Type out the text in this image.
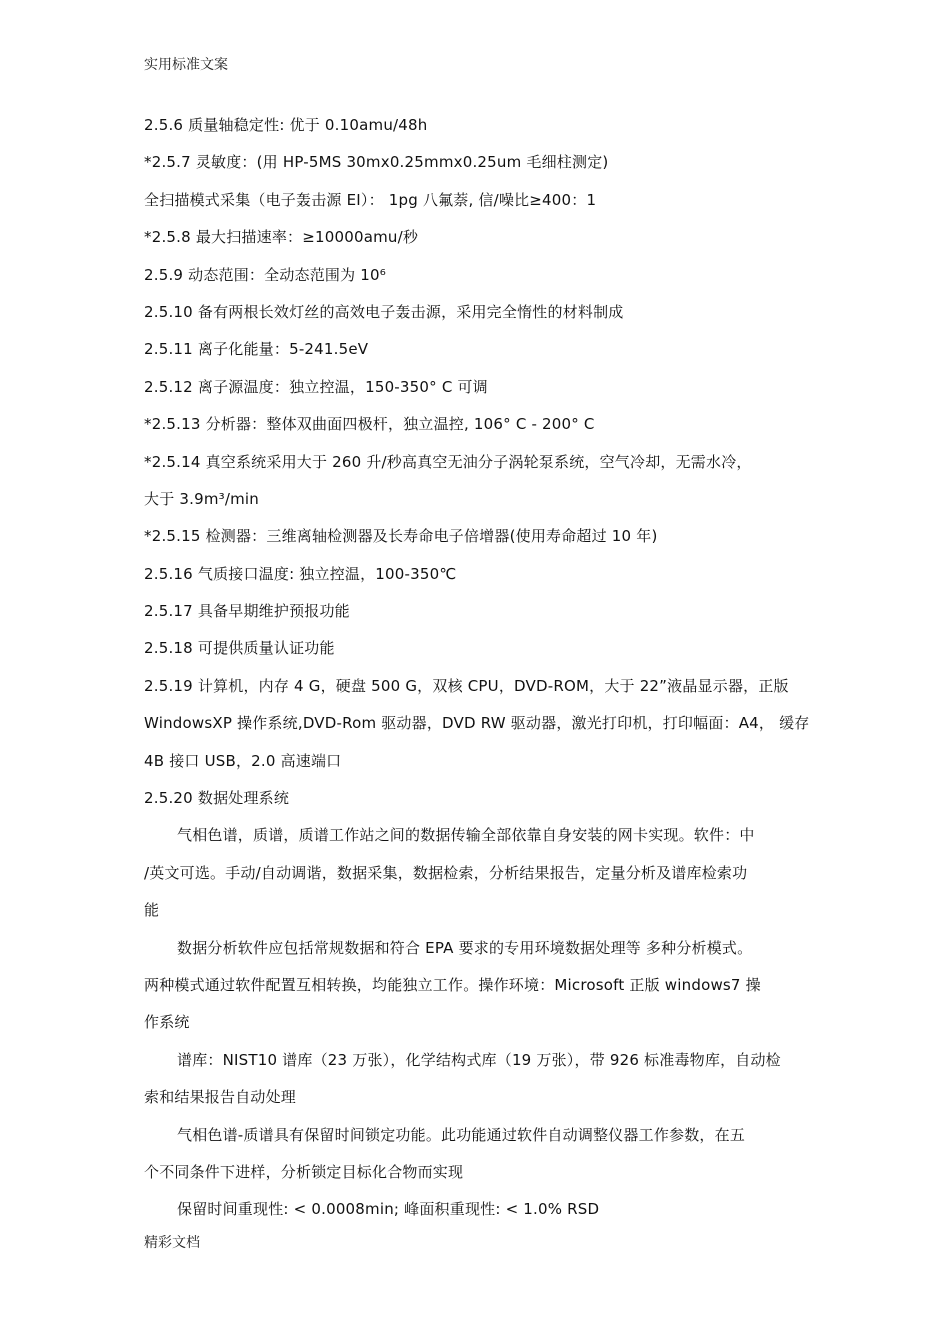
实用标准文案
2.5.6 质量轴稳定性: 优于 0.10amu/48h
*2.5.7 灵敏度：(用 HP-5MS 30mx0.25mmx0.25um 毛细柱测定)
全扫描模式采集（电子轰击源 EI）： 1pg 八氟萘, 信/噪比≥400：1
*2.5.8 最大扫描速率：≥10000amu/秒
2.5.9 动态范围：全动态范围为 10⁶
2.5.10 备有两根长效灯丝的高效电子轰击源，采用完全惰性的材料制成
2.5.11 离子化能量：5-241.5eV
2.5.12 离子源温度：独立控温，150-350° C 可调
*2.5.13 分析器：整体双曲面四极杆，独立温控, 106° C - 200° C
*2.5.14 真空系统采用大于 260 升/秒高真空无油分子涡轮泵系统，空气冷却，无需水冷，
大于 3.9m³/min
*2.5.15 检测器：三维离轴检测器及长寿命电子倍增器(使用寿命超过 10 年)
2.5.16 气质接口温度: 独立控温，100-350℃
2.5.17 具备早期维护预报功能
2.5.18 可提供质量认证功能
2.5.19 计算机，内存 4 G，硬盘 500 G，双核 CPU，DVD-ROM，大于 22”液晶显示器，正版
WindowsXP 操作系统,DVD-Rom 驱动器，DVD RW 驱动器，激光打印机，打印幅面：A4， 缓存
4B 接口 USB，2.0 高速端口
2.5.20 数据处理系统
气相色谱，质谱，质谱工作站之间的数据传输全部依靠自身安装的网卡实现。软件：中
/英文可选。手动/自动调谐，数据采集，数据检索，分析结果报告，定量分析及谱库检索功
能
数据分析软件应包括常规数据和符合 EPA 要求的专用环境数据处理等 多种分析模式。
两种模式通过软件配置互相转换，均能独立工作。操作环境：Microsoft 正版 windows7 操
作系统
谱库：NIST10 谱库（23 万张），化学结构式库（19 万张），带 926 标准毒物库，自动检
索和结果报告自动处理
气相色谱-质谱具有保留时间锁定功能。此功能通过软件自动调整仪器工作参数，在五
个不同条件下进样，分析锁定目标化合物而实现
保留时间重现性: < 0.0008min; 峰面积重现性: < 1.0% RSD
精彩文档
